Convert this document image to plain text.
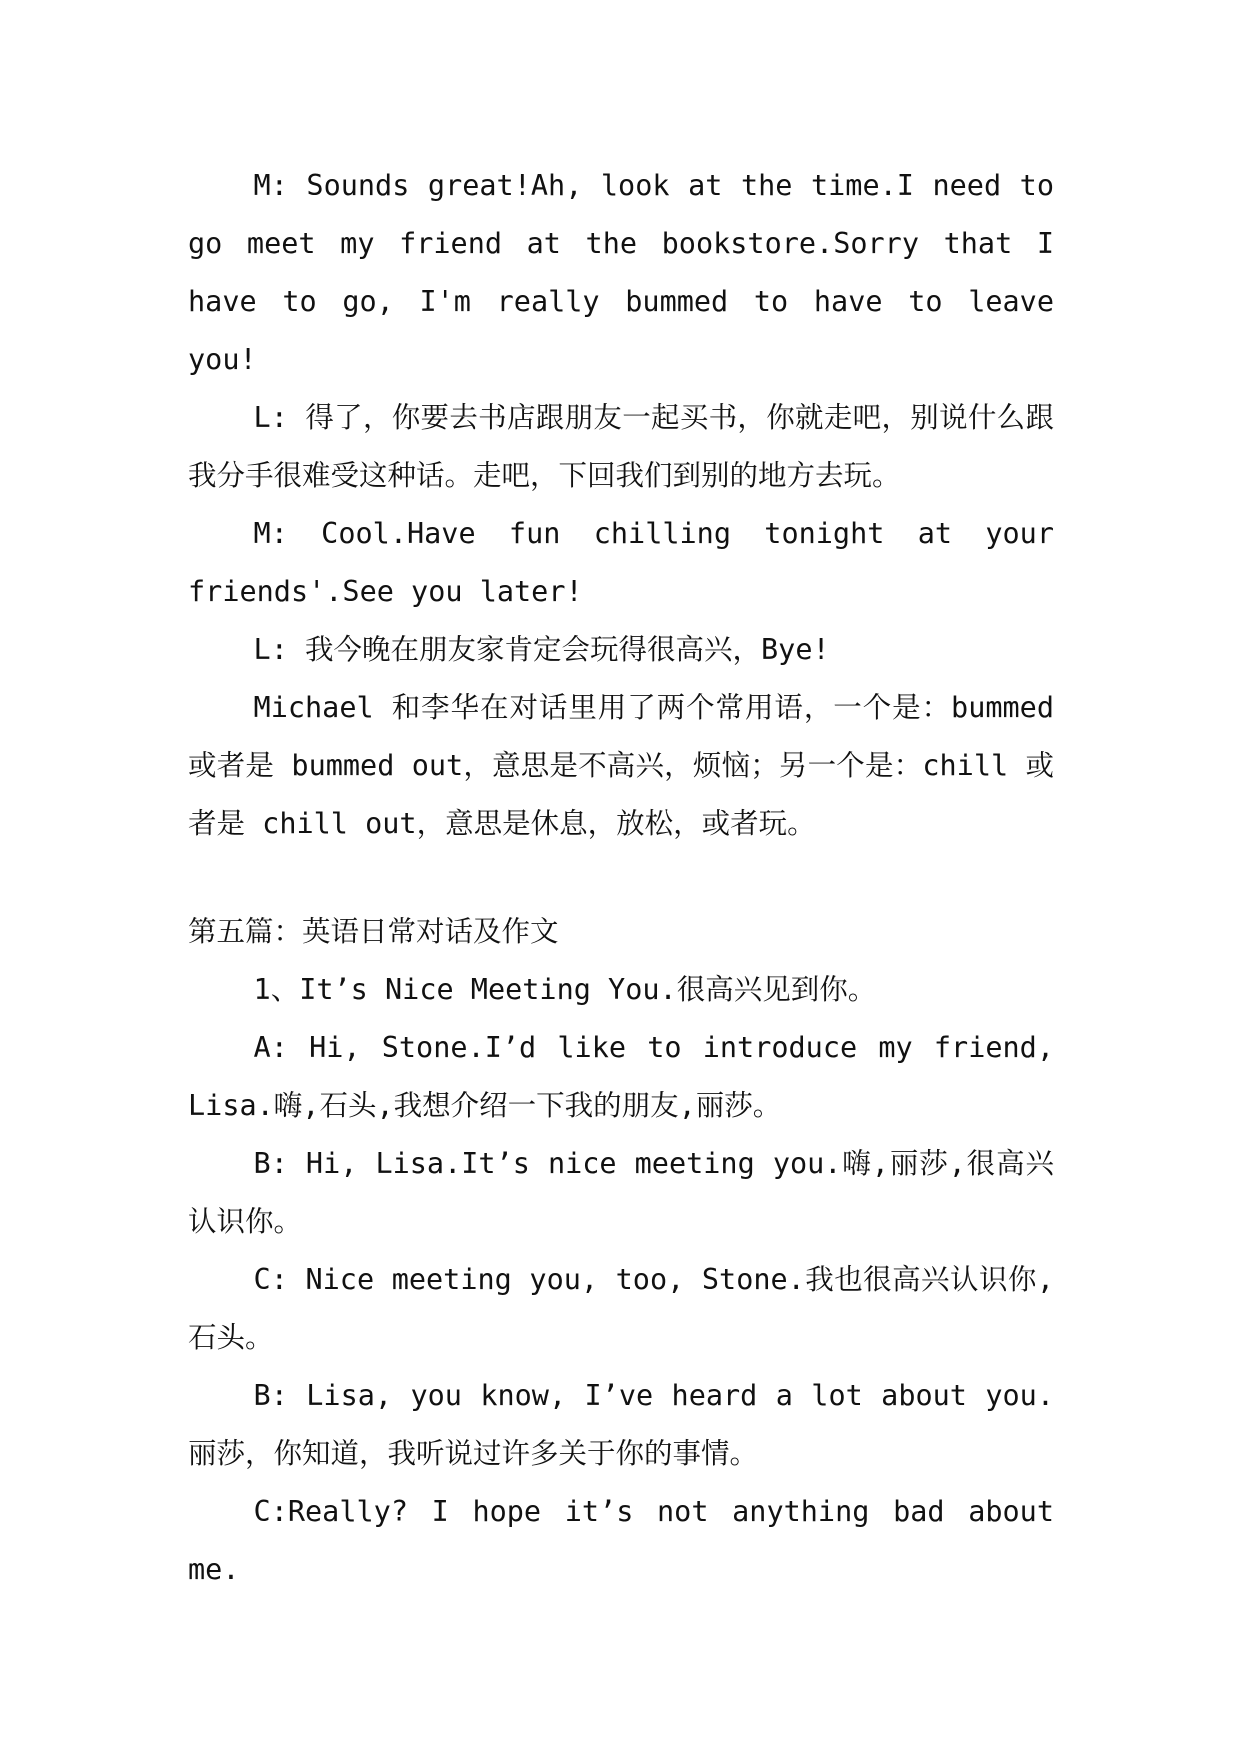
M: Sounds great!Ah, look at the time.I need to go meet my friend at the bookstore.Sorry that I have to go, I'm really bummed to have to leave you!

L: 得了，你要去书店跟朋友一起买书，你就走吧，别说什么跟我分手很难受这种话。走吧，下回我们到别的地方去玩。

M: Cool.Have fun chilling tonight at your friends'.See you later!

L: 我今晚在朋友家肯定会玩得很高兴，Bye!

Michael 和李华在对话里用了两个常用语，一个是：bummed 或者是 bummed out，意思是不高兴，烦恼；另一个是：chill 或者是 chill out，意思是休息，放松，或者玩。

第五篇：英语日常对话及作文

1、It’s Nice Meeting You.很高兴见到你。

A: Hi, Stone.I’d like to introduce my friend, Lisa.嗨,石头,我想介绍一下我的朋友,丽莎。

B: Hi, Lisa.It’s nice meeting you.嗨,丽莎,很高兴认识你。

C: Nice meeting you, too, Stone.我也很高兴认识你,石头。

B: Lisa, you know, I’ve heard a lot about you.丽莎，你知道，我听说过许多关于你的事情。

C:Really? I hope it’s not anything bad about me.
